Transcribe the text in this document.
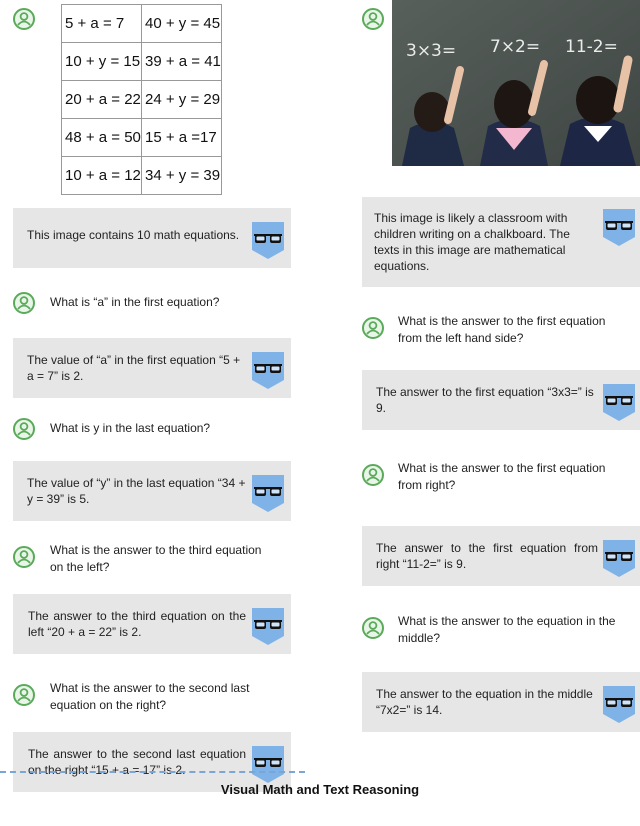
5 + a = 7	40 + y = 45
10 + y = 15	39 + a = 41
20 + a = 22	24 + y = 29
48 + a = 50	15 + a =17
10 + a = 12	34 + y = 39
This image contains 10 math equations.
What is “a” in the first equation?
The value of “a” in the first equation “5 + a = 7” is 2.
What is y in the last equation?
The value of “y” in the last equation “34 + y = 39” is 5.
What is the answer to the third equation on the left?
The answer to the third equation on the left “20 + a = 22” is 2.
What is the answer to the second last equation on the right?
The answer to the second last equation on the right “15 + a = 17” is 2.
3×3= 7×2= 11-2=
This image is likely a classroom with children writing on a chalkboard. The texts in this image are mathematical equations.
What is the answer to the first equation from the left hand side?
The answer to the first equation “3x3=” is 9.
What is the answer to the first equation from right?
The answer to the first equation from right “11-2=” is 9.
What is the answer to the equation in the middle?
The answer to the equation in the middle “7x2=” is 14.
Visual Math and Text Reasoning
